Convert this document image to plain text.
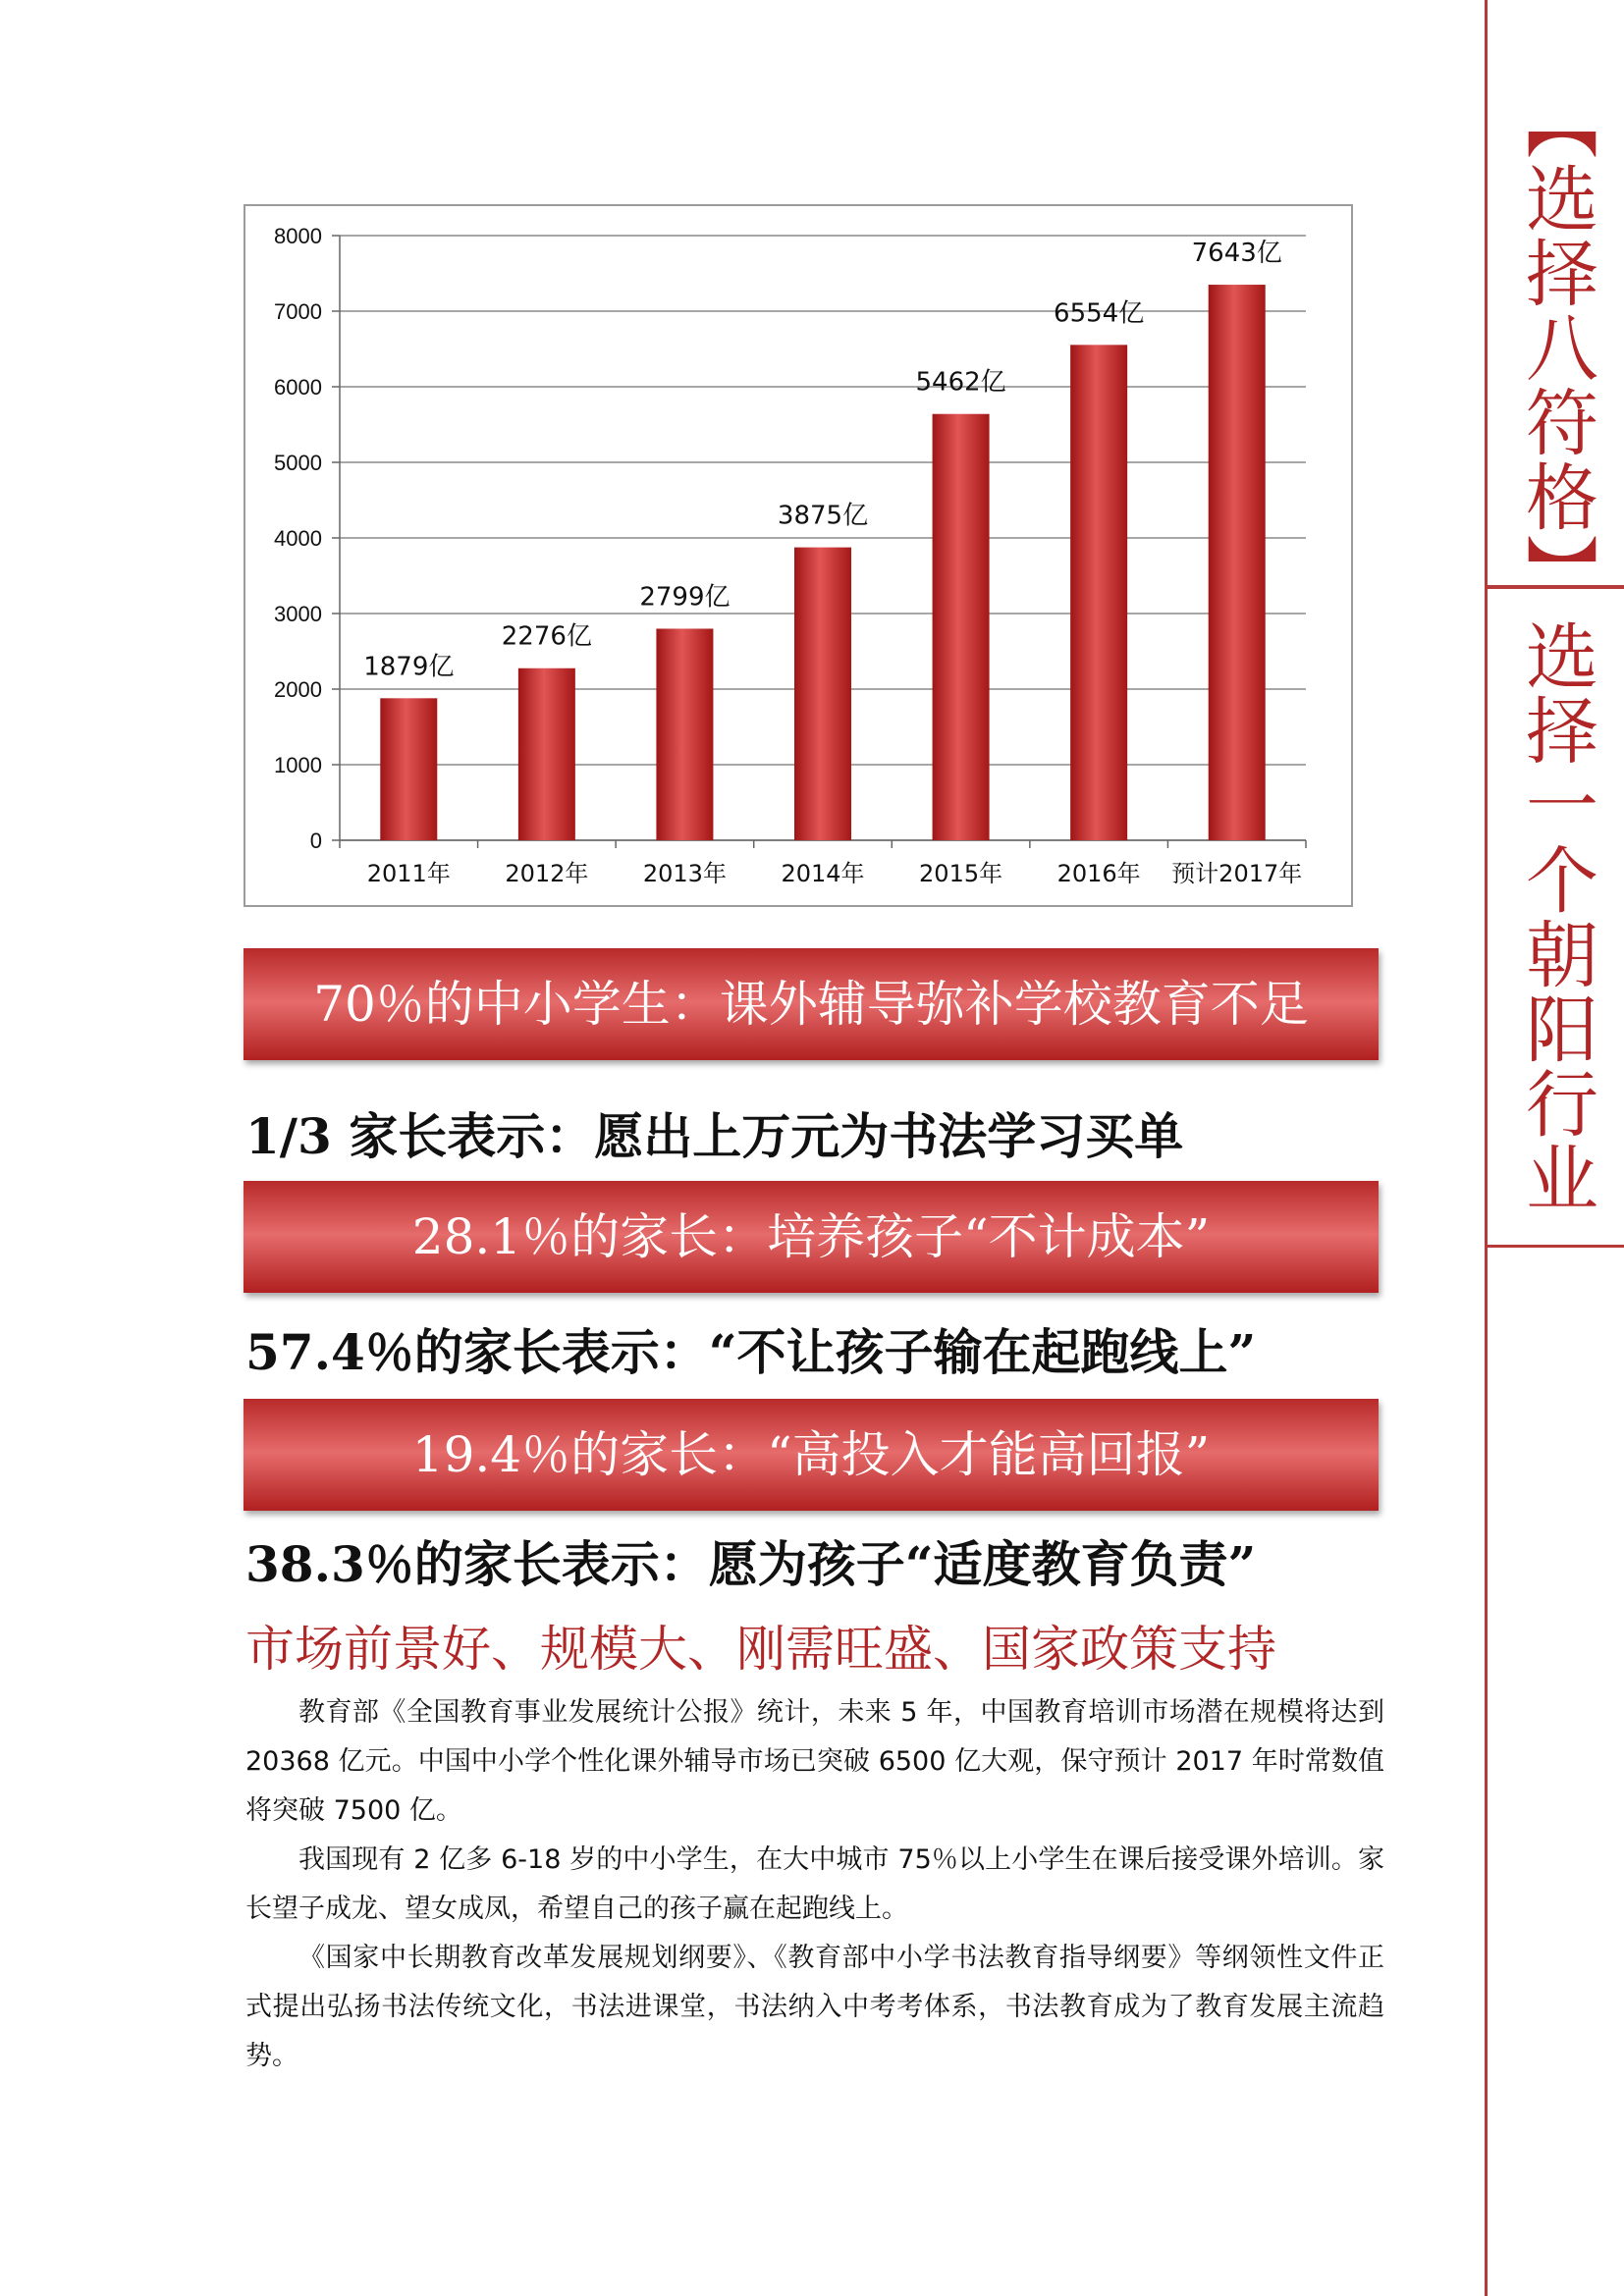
【选择八符格】
选择一个朝阳行业
0
1000
2000
3000
4000
5000
6000
7000
8000
2011年 2012年 2013年 2014年 2015年 2016年 预计2017年
1879亿
2276亿
2799亿
3875亿
5462亿
6554亿
7643亿
70％的中小学生：课外辅导弥补学校教育不足
1/3 家长表示：愿出上万元为书法学习买单
28.1％的家长：培养孩子“不计成本”
57.4％的家长表示：“不让孩子输在起跑线上”
19.4％的家长：“高投入才能高回报”
38.3％的家长表示：愿为孩子“适度教育负责”
市场前景好、规模大、刚需旺盛、国家政策支持

教育部《全国教育事业发展统计公报》统计，未来 5 年，中国教育培训市场潜在规模将达到 20368 亿元。中国中小学个性化课外辅导市场已突破 6500 亿大观，保守预计 2017 年时常数值将突破 7500 亿。

我国现有 2 亿多 6-18 岁的中小学生，在大中城市 75％以上小学生在课后接受课外培训。家长望子成龙、望女成凤，希望自己的孩子赢在起跑线上。

《国家中长期教育改革发展规划纲要》、《教育部中小学书法教育指导纲要》等纲领性文件正式提出弘扬书法传统文化，书法进课堂，书法纳入中考考体系，书法教育成为了教育发展主流趋势。
